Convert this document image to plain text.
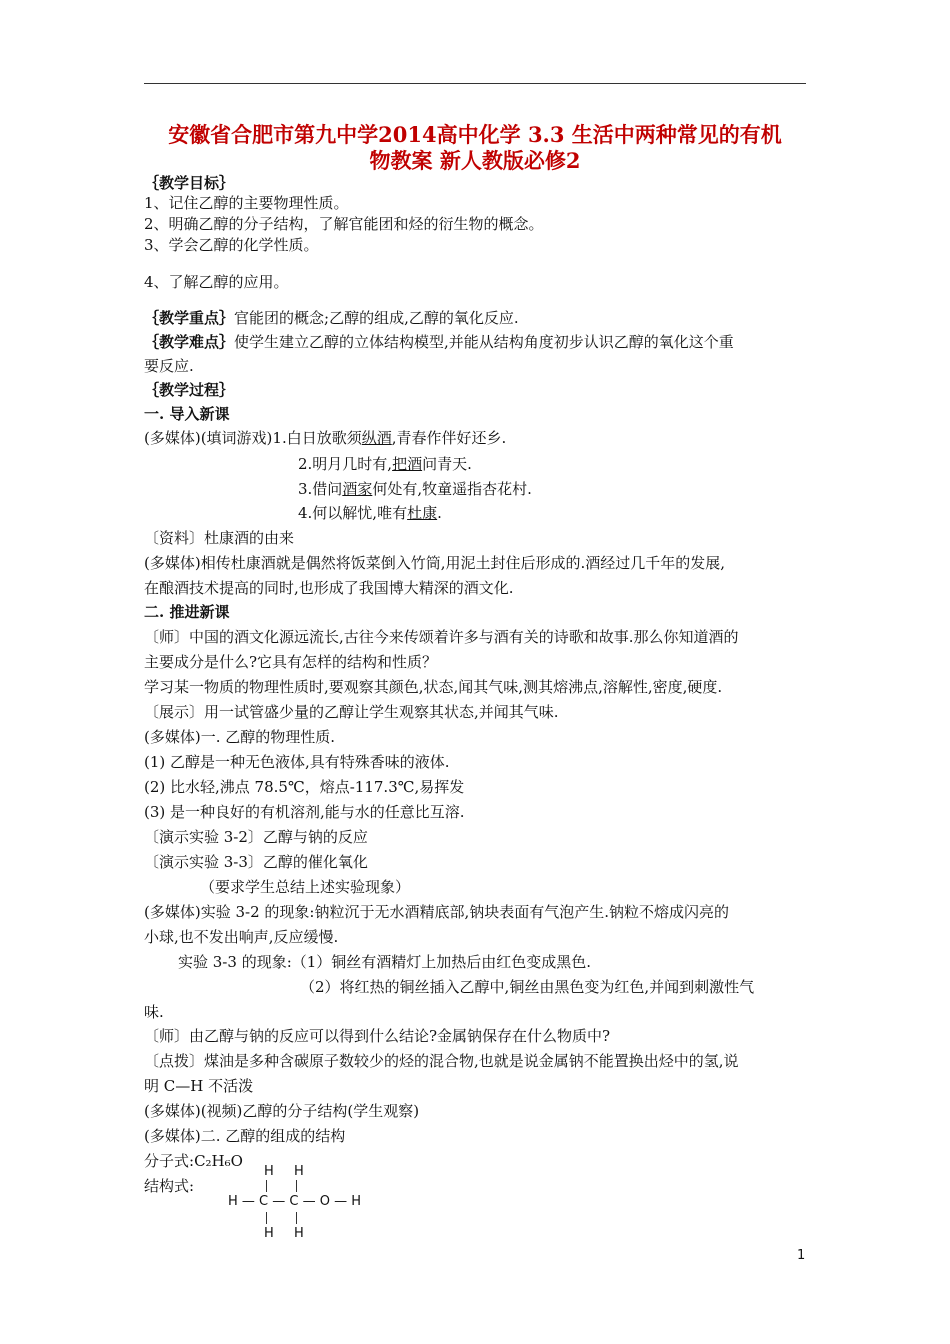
安徽省合肥市第九中学2014高中化学 3.3 生活中两种常见的有机
物教案 新人教版必修2
｛教学目标｝
1、记住乙醇的主要物理性质。
2、明确乙醇的分子结构，了解官能团和烃的衍生物的概念。
3、学会乙醇的化学性质。
4、了解乙醇的应用。
｛教学重点｝官能团的概念;乙醇的组成,乙醇的氧化反应.
｛教学难点｝使学生建立乙醇的立体结构模型,并能从结构角度初步认识乙醇的氧化这个重
要反应.
｛教学过程｝
一. 导入新课
(多媒体)(填词游戏)1.白日放歌须纵酒,青春作伴好还乡.
2.明月几时有,把酒问青天.
3.借问酒家何处有,牧童遥指杏花村.
4.何以解忧,唯有杜康.
〔资料〕杜康酒的由来
(多媒体)相传杜康酒就是偶然将饭菜倒入竹筒,用泥土封住后形成的.酒经过几千年的发展,
在酿酒技术提高的同时,也形成了我国博大精深的酒文化.
二. 推进新课
〔师〕中国的酒文化源远流长,古往今来传颂着许多与酒有关的诗歌和故事.那么你知道酒的
主要成分是什么?它具有怎样的结构和性质？
学习某一物质的物理性质时,要观察其颜色,状态,闻其气味,测其熔沸点,溶解性,密度,硬度.
〔展示〕用一试管盛少量的乙醇让学生观察其状态,并闻其气味.
(多媒体)一. 乙醇的物理性质.
(1) 乙醇是一种无色液体,具有特殊香味的液体.
(2) 比水轻,沸点 78.5℃，熔点-117.3℃,易挥发
(3) 是一种良好的有机溶剂,能与水的任意比互溶.
〔演示实验 3-2〕乙醇与钠的反应
〔演示实验 3-3〕乙醇的催化氧化
（要求学生总结上述实验现象）
(多媒体)实验 3-2 的现象:钠粒沉于无水酒精底部,钠块表面有气泡产生.钠粒不熔成闪亮的
小球,也不发出响声,反应缓慢.
实验 3-3 的现象:（1）铜丝有酒精灯上加热后由红色变成黑色.
（2）将红热的铜丝插入乙醇中,铜丝由黑色变为红色,并闻到刺激性气
味.
〔师〕由乙醇与钠的反应可以得到什么结论?金属钠保存在什么物质中?
〔点拨〕煤油是多种含碳原子数较少的烃的混合物,也就是说金属钠不能置换出烃中的氢,说
明 C—H 不活泼
(多媒体)(视频)乙醇的分子结构(学生观察)
(多媒体)二. 乙醇的组成的结构
分子式:C₂H₆O
结构式:
H H
H — C — C — O — H
H H
1
